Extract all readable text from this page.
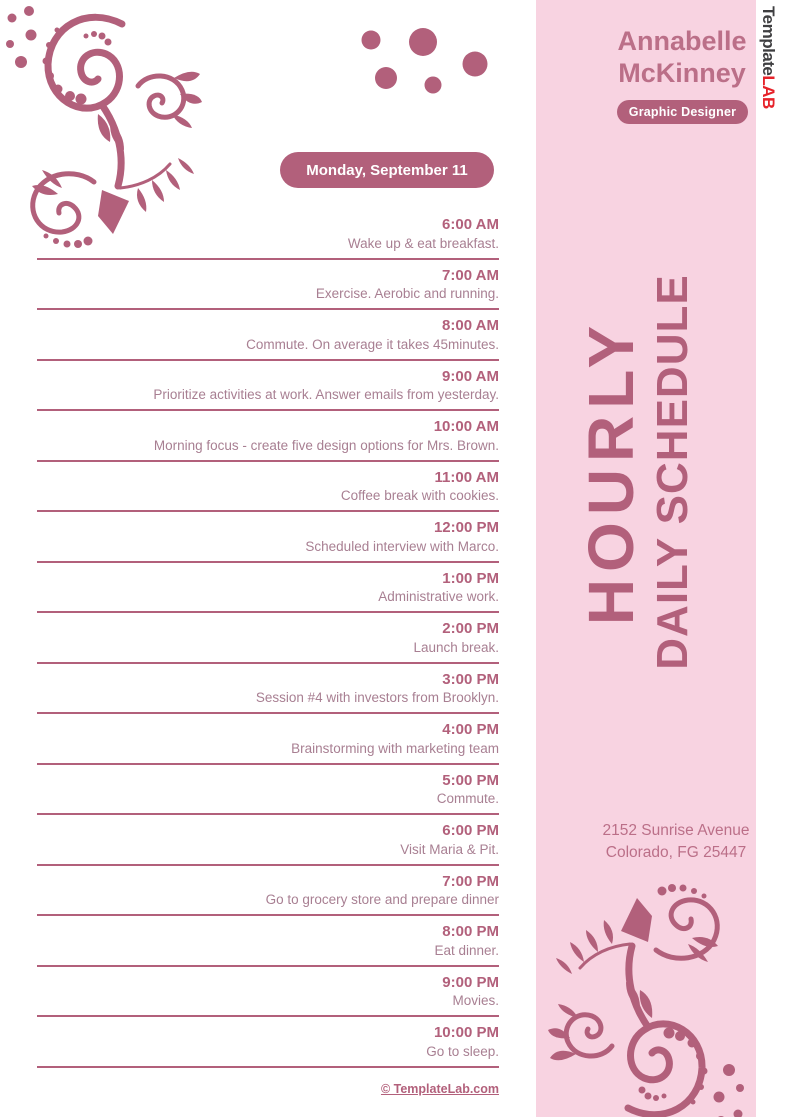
TemplateLAB
Annabelle
McKinney
Graphic Designer
HOURLY DAILY SCHEDULE
Monday, September 11
6:00 AM
Wake up & eat breakfast.
7:00 AM
Exercise. Aerobic and running.
8:00 AM
Commute. On average it takes 45minutes.
9:00 AM
Prioritize activities at work. Answer emails from yesterday.
10:00 AM
Morning focus - create five design options for Mrs. Brown.
11:00 AM
Coffee break with cookies.
12:00 PM
Scheduled interview with Marco.
1:00 PM
Administrative work.
2:00 PM
Launch break.
3:00 PM
Session #4 with investors from Brooklyn.
4:00 PM
Brainstorming with marketing team
5:00 PM
Commute.
6:00 PM
Visit Maria & Pit.
7:00 PM
Go to grocery store and prepare dinner
8:00 PM
Eat dinner.
9:00 PM
Movies.
10:00 PM
Go to sleep.
2152 Sunrise Avenue
Colorado, FG 25447
© TemplateLab.com
